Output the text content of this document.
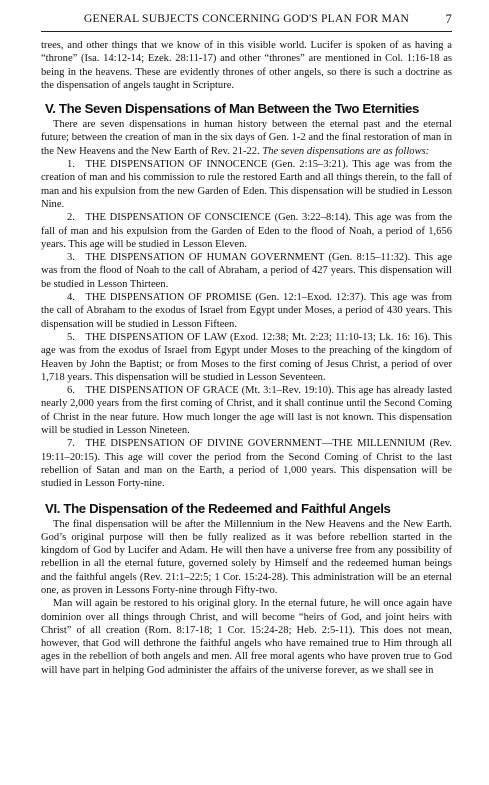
GENERAL SUBJECTS CONCERNING GOD'S PLAN FOR MAN	7

trees, and other things that we know of in this visible world. Lucifer is spoken of as having a “throne” (Isa. 14:12-14; Ezek. 28:11-17) and other “thrones” are mentioned in Col. 1:16-18 as being in the heavens. These are evidently thrones of other angels, so there is such a doctrine as the dispensation of angels taught in Scripture.

V. The Seven Dispensations of Man Between the Two Eternities

There are seven dispensations in human history between the eternal past and the eternal future; between the creation of man in the six days of Gen. 1-2 and the final restoration of man in the New Heavens and the New Earth of Rev. 21-22. The seven dispensations are as follows:

1. THE DISPENSATION OF INNOCENCE (Gen. 2:15–3:21). This age was from the creation of man and his commission to rule the restored Earth and all things therein, to the fall of man and his expulsion from the new Garden of Eden. This dispensation will be studied in Lesson Nine.

2. THE DISPENSATION OF CONSCIENCE (Gen. 3:22–8:14). This age was from the fall of man and his expulsion from the Garden of Eden to the flood of Noah, a period of 1,656 years. This age will be studied in Lesson Eleven.

3. THE DISPENSATION OF HUMAN GOVERNMENT (Gen. 8:15–11:32). This age was from the flood of Noah to the call of Abraham, a period of 427 years. This dispensation will be studied in Lesson Thirteen.

4. THE DISPENSATION OF PROMISE (Gen. 12:1–Exod. 12:37). This age was from the call of Abraham to the exodus of Israel from Egypt under Moses, a period of 430 years. This dispensation will be studied in Lesson Fifteen.

5. THE DISPENSATION OF LAW (Exod. 12:38; Mt. 2:23; 11:10-13; Lk. 16: 16). This age was from the exodus of Israel from Egypt under Moses to the preaching of the kingdom of Heaven by John the Baptist; or from Moses to the first coming of Jesus Christ, a period of over 1,718 years. This dispensation will be studied in Lesson Seventeen.

6. THE DISPENSATION OF GRACE (Mt. 3:1–Rev. 19:10). This age has already lasted nearly 2,000 years from the first coming of Christ, and it shall continue until the Second Coming of Christ in the near future. How much longer the age will last is not known. This dispensation will be studied in Lesson Nineteen.

7. THE DISPENSATION OF DIVINE GOVERNMENT—THE MILLENNIUM (Rev. 19:11–20:15). This age will cover the period from the Second Coming of Christ to the last rebellion of Satan and man on the Earth, a period of 1,000 years. This dispensation will be studied in Lesson Forty-nine.

VI. The Dispensation of the Redeemed and Faithful Angels

The final dispensation will be after the Millennium in the New Heavens and the New Earth. God’s original purpose will then be fully realized as it was before rebellion started in the kingdom of God by Lucifer and Adam. He will then have a universe free from any possibility of rebellion in all the eternal future, governed solely by Himself and the redeemed human beings and the faithful angels (Rev. 21:1–22:5; 1 Cor. 15:24-28). This administration will be an eternal one, as proven in Lessons Forty-nine through Fifty-two.

Man will again be restored to his original glory. In the eternal future, he will once again have dominion over all things through Christ, and will become “heirs of God, and joint heirs with Christ” of all creation (Rom. 8:17-18; 1 Cor. 15:24-28; Heb. 2:5-11). This does not mean, however, that God will dethrone the faithful angels who have remained true to Him through all ages in the rebellion of both angels and men. All free moral agents who have proven true to God will have part in helping God administer the affairs of the universe forever, as we shall see in
